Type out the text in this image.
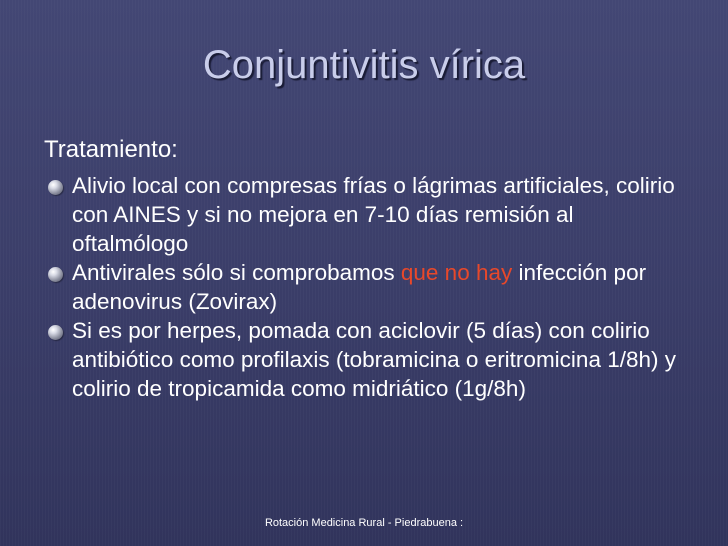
Conjuntivitis vírica

Tratamiento:

Alivio local con compresas frías o lágrimas artificiales, colirio con AINES y si no mejora en 7-10 días remisión al oftalmólogo
Antivirales sólo si comprobamos que no hay infección por adenovirus (Zovirax)
Si es por herpes, pomada con aciclovir (5 días) con colirio antibiótico como profilaxis (tobramicina o eritromicina 1/8h) y colirio de tropicamida como midriático (1g/8h)

Rotación Medicina Rural - Piedrabuena :
